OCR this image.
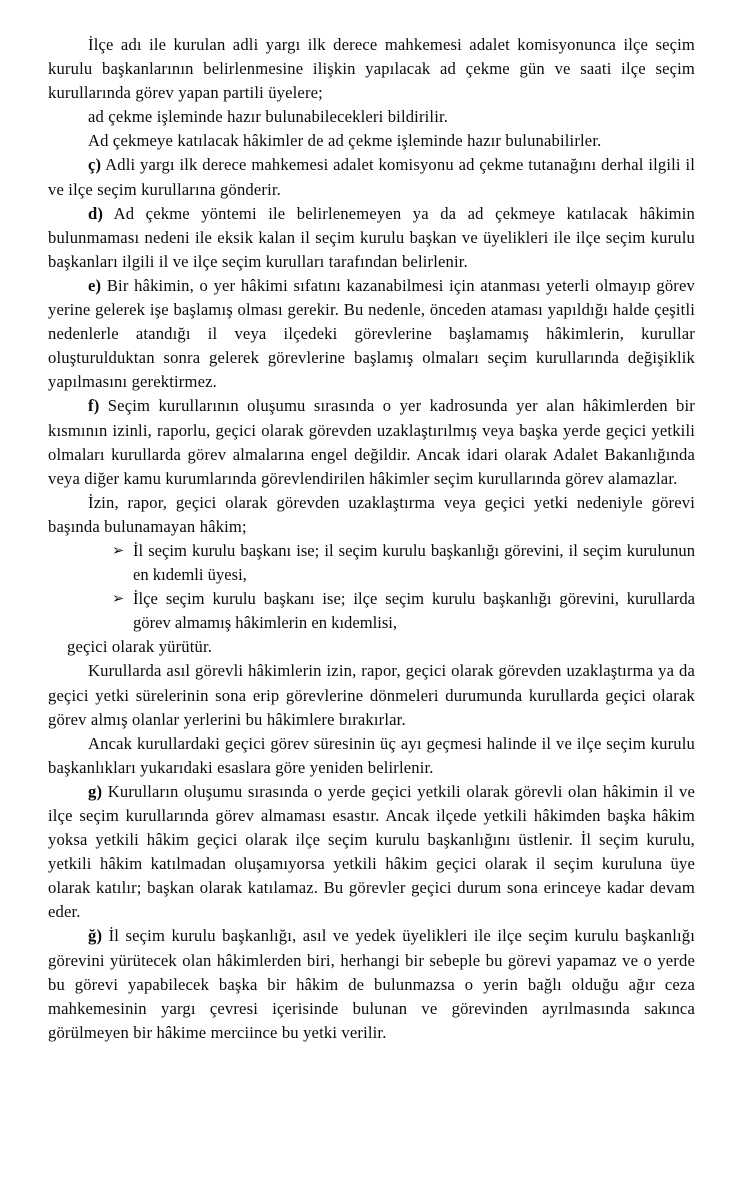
İlçe adı ile kurulan adli yargı ilk derece mahkemesi adalet komisyonunca ilçe seçim kurulu başkanlarının belirlenmesine ilişkin yapılacak ad çekme gün ve saati ilçe seçim kurullarında görev yapan partili üyelere;

ad çekme işleminde hazır bulunabilecekleri bildirilir.

Ad çekmeye katılacak hâkimler de ad çekme işleminde hazır bulunabilirler.

ç) Adli yargı ilk derece mahkemesi adalet komisyonu ad çekme tutanağını derhal ilgili il ve ilçe seçim kurullarına gönderir.

d) Ad çekme yöntemi ile belirlenemeyen ya da ad çekmeye katılacak hâkimin bulunmaması nedeni ile eksik kalan il seçim kurulu başkan ve üyelikleri ile ilçe seçim kurulu başkanları ilgili il ve ilçe seçim kurulları tarafından belirlenir.

e) Bir hâkimin, o yer hâkimi sıfatını kazanabilmesi için atanması yeterli olmayıp görev yerine gelerek işe başlamış olması gerekir. Bu nedenle, önceden ataması yapıldığı halde çeşitli nedenlerle atandığı il veya ilçedeki görevlerine başlamamış hâkimlerin, kurullar oluşturulduktan sonra gelerek görevlerine başlamış olmaları seçim kurullarında değişiklik yapılmasını gerektirmez.

f) Seçim kurullarının oluşumu sırasında o yer kadrosunda yer alan hâkimlerden bir kısmının izinli, raporlu, geçici olarak görevden uzaklaştırılmış veya başka yerde geçici yetkili olmaları kurullarda görev almalarına engel değildir. Ancak idari olarak Adalet Bakanlığında veya diğer kamu kurumlarında görevlendirilen hâkimler seçim kurullarında görev alamazlar.

İzin, rapor, geçici olarak görevden uzaklaştırma veya geçici yetki nedeniyle görevi başında bulunamayan hâkim;

➢ İl seçim kurulu başkanı ise; il seçim kurulu başkanlığı görevini, il seçim kurulunun en kıdemli üyesi,
➢ İlçe seçim kurulu başkanı ise; ilçe seçim kurulu başkanlığı görevini, kurullarda görev almamış hâkimlerin en kıdemlisi,

geçici olarak yürütür.

Kurullarda asıl görevli hâkimlerin izin, rapor, geçici olarak görevden uzaklaştırma ya da geçici yetki sürelerinin sona erip görevlerine dönmeleri durumunda kurullarda geçici olarak görev almış olanlar yerlerini bu hâkimlere bırakırlar.

Ancak kurullardaki geçici görev süresinin üç ayı geçmesi halinde il ve ilçe seçim kurulu başkanlıkları yukarıdaki esaslara göre yeniden belirlenir.

g) Kurulların oluşumu sırasında o yerde geçici yetkili olarak görevli olan hâkimin il ve ilçe seçim kurullarında görev almaması esastır. Ancak ilçede yetkili hâkimden başka hâkim yoksa yetkili hâkim geçici olarak ilçe seçim kurulu başkanlığını üstlenir. İl seçim kurulu, yetkili hâkim katılmadan oluşamıyorsa yetkili hâkim geçici olarak il seçim kuruluna üye olarak katılır; başkan olarak katılamaz. Bu görevler geçici durum sona erinceye kadar devam eder.

ğ) İl seçim kurulu başkanlığı, asıl ve yedek üyelikleri ile ilçe seçim kurulu başkanlığı görevini yürütecek olan hâkimlerden biri, herhangi bir sebeple bu görevi yapamaz ve o yerde bu görevi yapabilecek başka bir hâkim de bulunmazsa o yerin bağlı olduğu ağır ceza mahkemesinin yargı çevresi içerisinde bulunan ve görevinden ayrılmasında sakınca görülmeyen bir hâkime merciince bu yetki verilir.
